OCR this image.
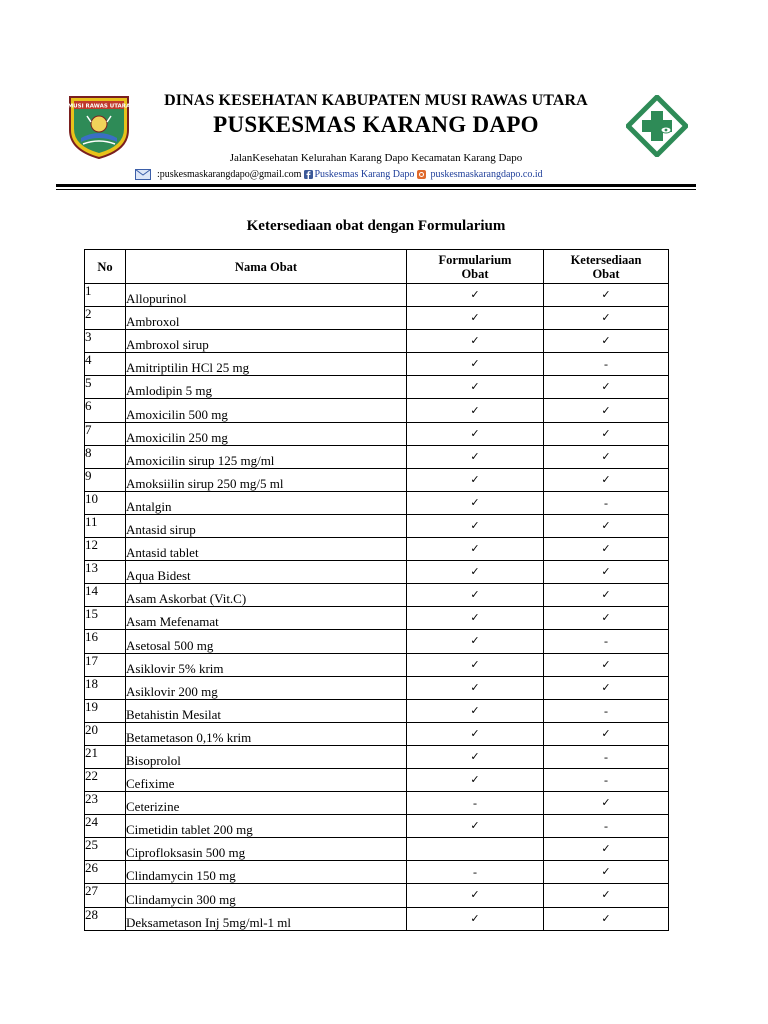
MUSI RAWAS UTARA	DINAS KESEHATAN KABUPATEN MUSI RAWAS UTARA
PUSKESMAS KARANG DAPO
JalanKesehatan Kelurahan Karang Dapo Kecamatan Karang Dapo
:puskesmaskarangdapo@gmail.com Puskesmas Karang Dapo puskesmaskarangdapo.co.id
Ketersediaan obat dengan Formularium
No	Nama Obat	Formularium Obat	Ketersediaan Obat
1	Allopurinol	✓	✓
2	Ambroxol	✓	✓
3	Ambroxol sirup	✓	✓
4	Amitriptilin HCl 25 mg	✓	-
5	Amlodipin 5 mg	✓	✓
6	Amoxicilin 500 mg	✓	✓
7	Amoxicilin 250 mg	✓	✓
8	Amoxicilin sirup 125 mg/ml	✓	✓
9	Amoksiilin sirup 250 mg/5 ml	✓	✓
10	Antalgin	✓	-
11	Antasid sirup	✓	✓
12	Antasid tablet	✓	✓
13	Aqua Bidest	✓	✓
14	Asam Askorbat (Vit.C)	✓	✓
15	Asam Mefenamat	✓	✓
16	Asetosal 500 mg	✓	-
17	Asiklovir 5% krim	✓	✓
18	Asiklovir 200 mg	✓	✓
19	Betahistin Mesilat	✓	-
20	Betametason 0,1% krim	✓	✓
21	Bisoprolol	✓	-
22	Cefixime	✓	-
23	Ceterizine	-	✓
24	Cimetidin tablet 200 mg	✓	-
25	Ciprofloksasin 500 mg		✓
26	Clindamycin 150 mg	-	✓
27	Clindamycin 300 mg	✓	✓
28	Deksametason Inj 5mg/ml-1 ml	✓	✓
